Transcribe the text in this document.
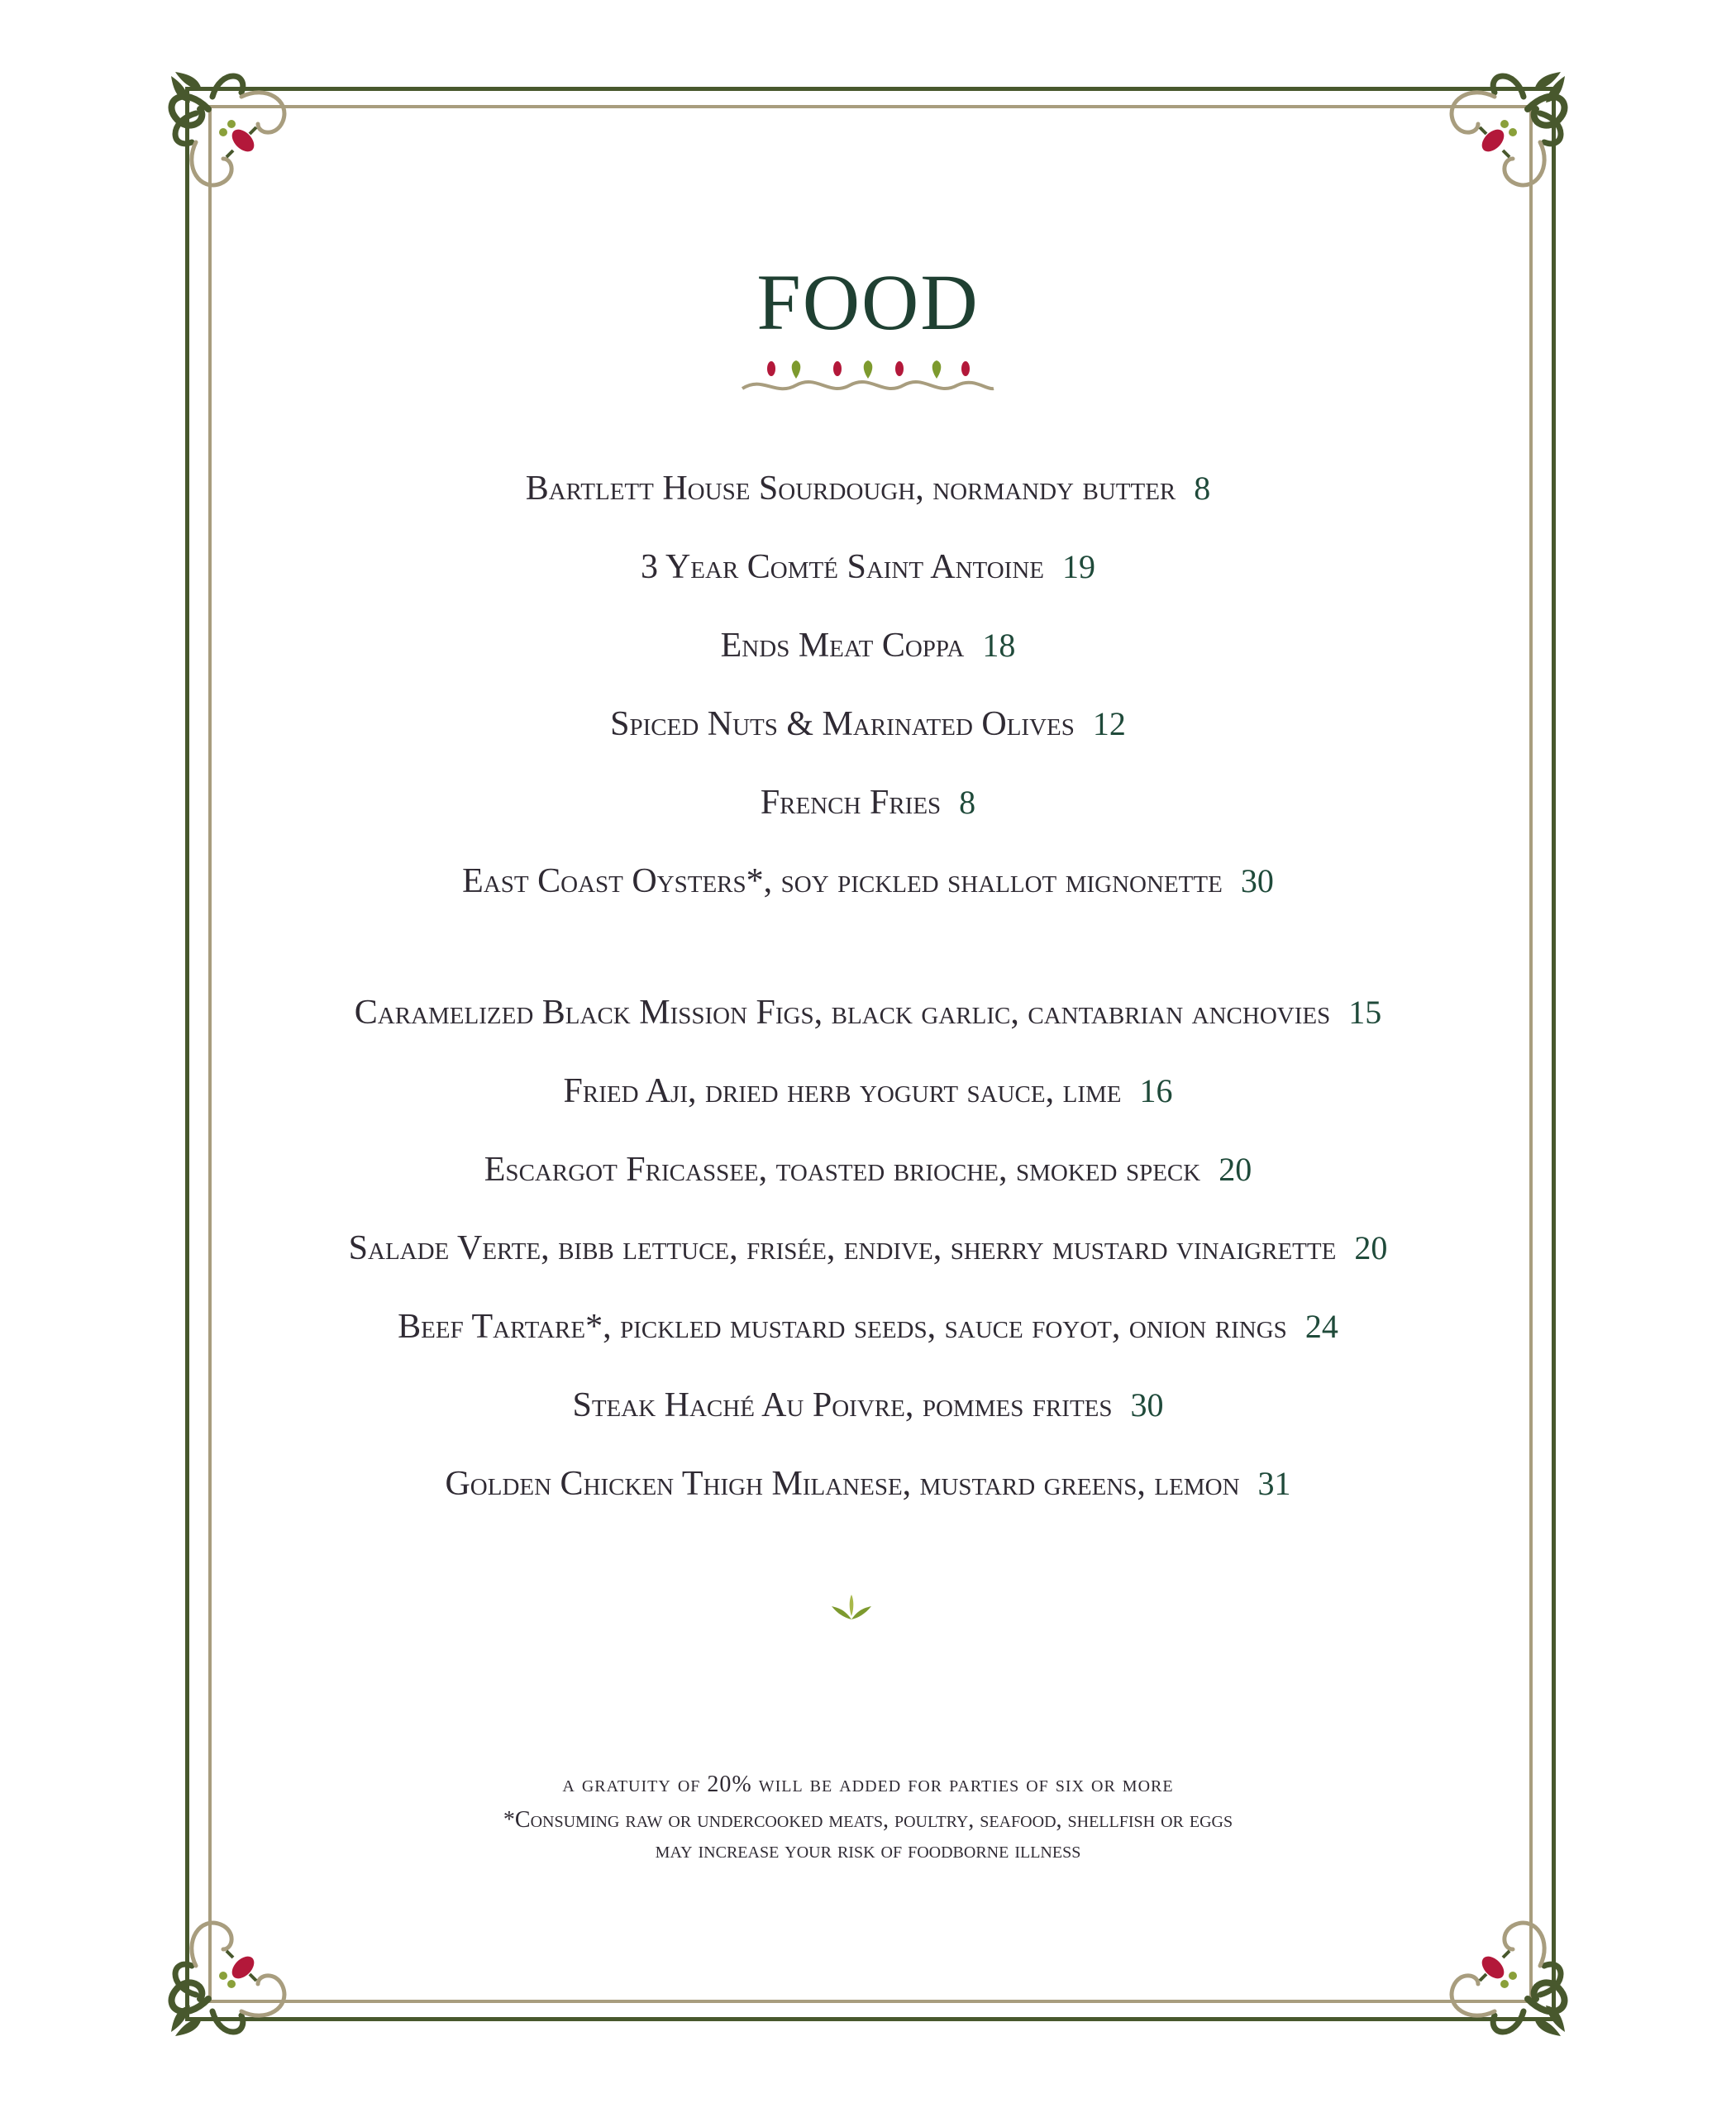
FOOD
Bartlett House Sourdough , normandy butter 8
3 Year Comté Saint Antoine 19
Ends Meat Coppa 18
Spiced Nuts & Marinated Olives 12
French Fries 8
East Coast Oysters* , soy pickled shallot mignonette 30
Caramelized Black Mission Figs , black garlic, cantabrian anchovies 15
Fried Aji , dried herb yogurt sauce, lime 16
Escargot Fricassee , toasted brioche, smoked speck 20
Salade Verte , bibb lettuce, frisée, endive, sherry mustard vinaigrette 20
Beef Tartare* , pickled mustard seeds, sauce foyot, onion rings 24
Steak Haché Au Poivre , pommes frites 30
Golden Chicken Thigh Milanese , mustard greens, lemon 31
a gratuity of 20% will be added for parties of six or more
*Consuming raw or undercooked meats, poultry, seafood, shellfish or eggs
may increase your risk of foodborne illness
